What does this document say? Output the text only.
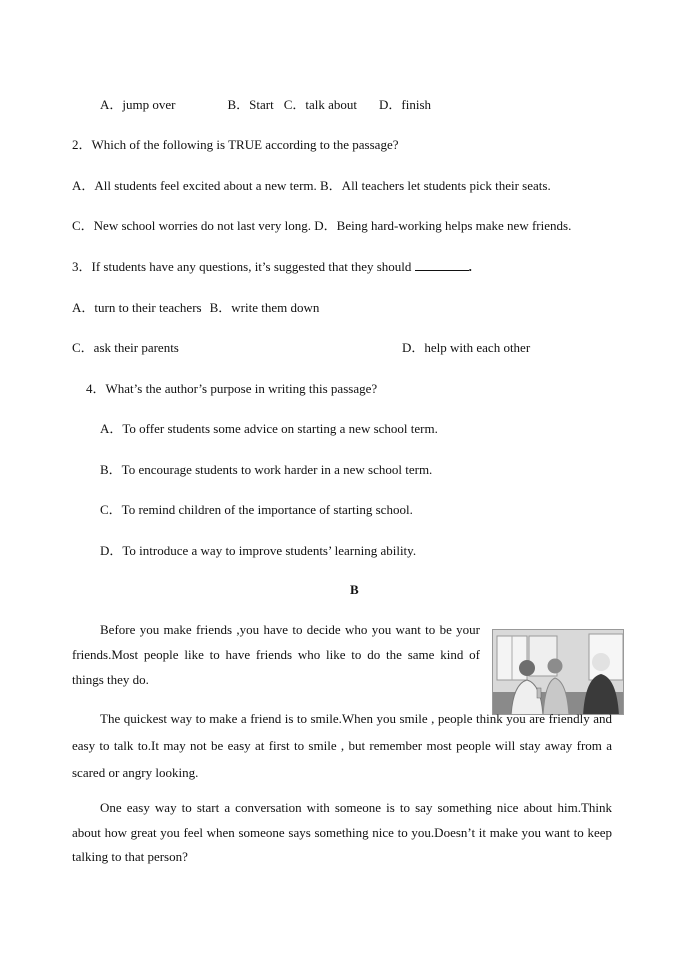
A．jump over	B．Start C．talk about D．finish
2．Which of the following is TRUE according to the passage?
A．All students feel excited about a new term. B．All teachers let students pick their seats.
C．New school worries do not last very long. D．Being hard-working helps make new friends.
3．If students have any questions, it’s suggested that they should	.
A．turn to their teachers B．write them down
C．ask their parents	D．help with each other
4．What’s the author’s purpose in writing this passage?
A．To offer students some advice on starting a new school term.
B．To encourage students to work harder in a new school term.
C．To remind children of the importance of starting school.
D．To introduce a way to improve students’ learning ability.
B
Before you make friends ,you have to decide who you want to be your friends.Most people like to have friends who like to do the same kind of things they do.
The quickest way to make a friend is to smile.When you smile , people think you are friendly and easy to talk to.It may not be easy at first to smile , but remember most people will stay away from a scared or angry looking.
One easy way to start a conversation with someone is to say something nice about him.Think about how great you feel when someone says something nice to you.Doesn’t it make you want to keep talking to that person?
